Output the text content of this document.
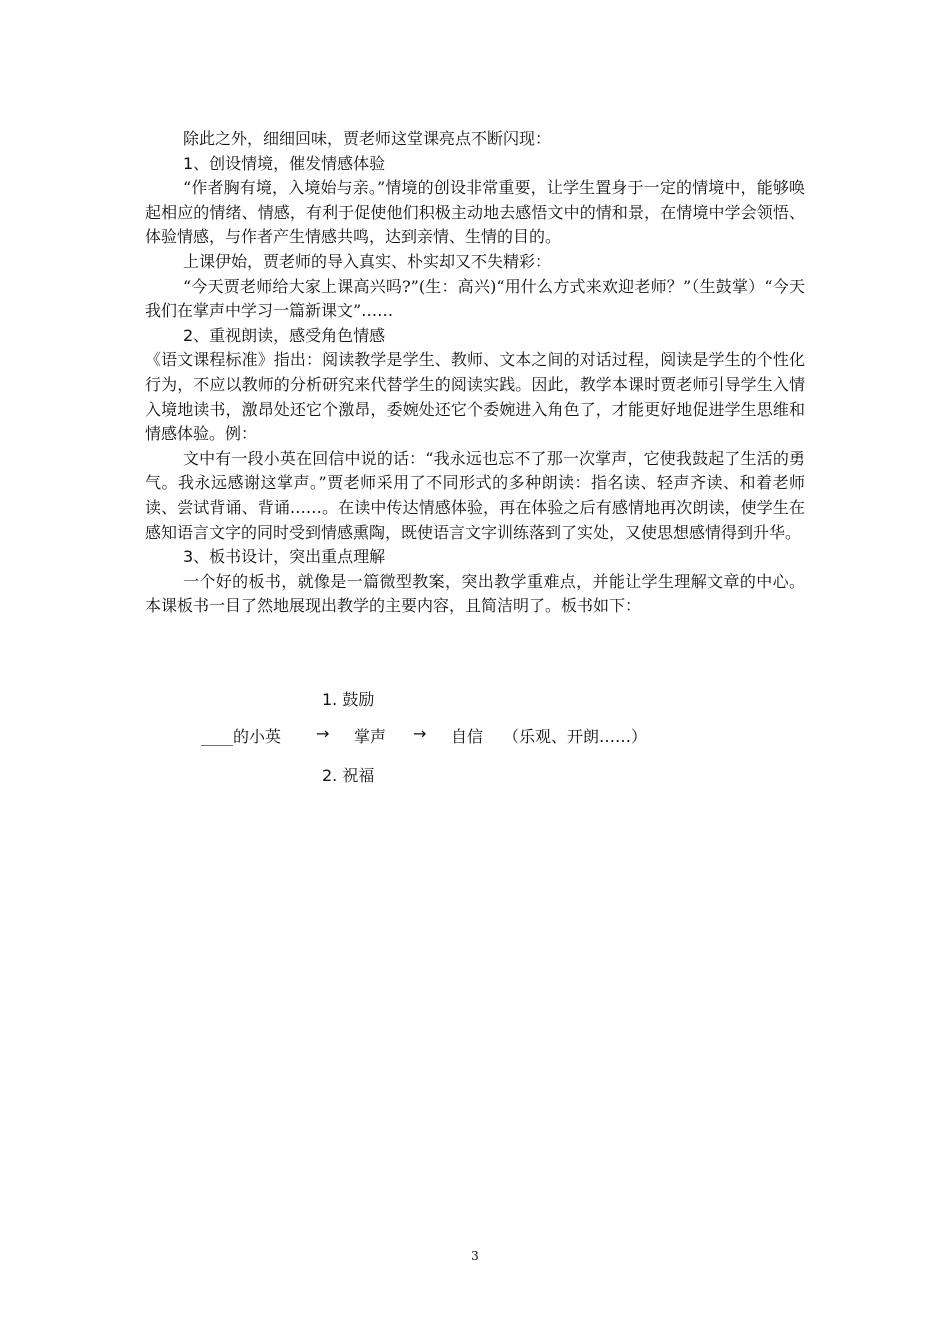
除此之外，细细回味，贾老师这堂课亮点不断闪现：

1、创设情境，催发情感体验

“作者胸有境，入境始与亲。”情境的创设非常重要，让学生置身于一定的情境中，能够唤起相应的情绪、情感，有利于促使他们积极主动地去感悟文中的情和景，在情境中学会领悟、体验情感，与作者产生情感共鸣，达到亲情、生情的目的。

上课伊始，贾老师的导入真实、朴实却又不失精彩：

“今天贾老师给大家上课高兴吗?”(生：高兴)“用什么方式来欢迎老师？”（生鼓掌）“今天我们在掌声中学习一篇新课文”……

2、重视朗读，感受角色情感

《语文课程标准》指出：阅读教学是学生、教师、文本之间的对话过程，阅读是学生的个性化行为，不应以教师的分析研究来代替学生的阅读实践。因此，教学本课时贾老师引导学生入情入境地读书，激昂处还它个激昂，委婉处还它个委婉进入角色了，才能更好地促进学生思维和情感体验。例：

文中有一段小英在回信中说的话：“我永远也忘不了那一次掌声，它使我鼓起了生活的勇气。我永远感谢这掌声。”贾老师采用了不同形式的多种朗读：指名读、轻声齐读、和着老师读、尝试背诵、背诵……。在读中传达情感体验，再在体验之后有感情地再次朗读，使学生在感知语言文字的同时受到情感熏陶，既使语言文字训练落到了实处，又使思想感情得到升华。

3、板书设计，突出重点理解

一个好的板书，就像是一篇微型教案，突出教学重难点，并能让学生理解文章的中心。本课板书一目了然地展现出教学的主要内容，且简洁明了。板书如下：

1. 鼓励
____的小英 → 掌声 → 自信 （乐观、开朗……）
2. 祝福
3
